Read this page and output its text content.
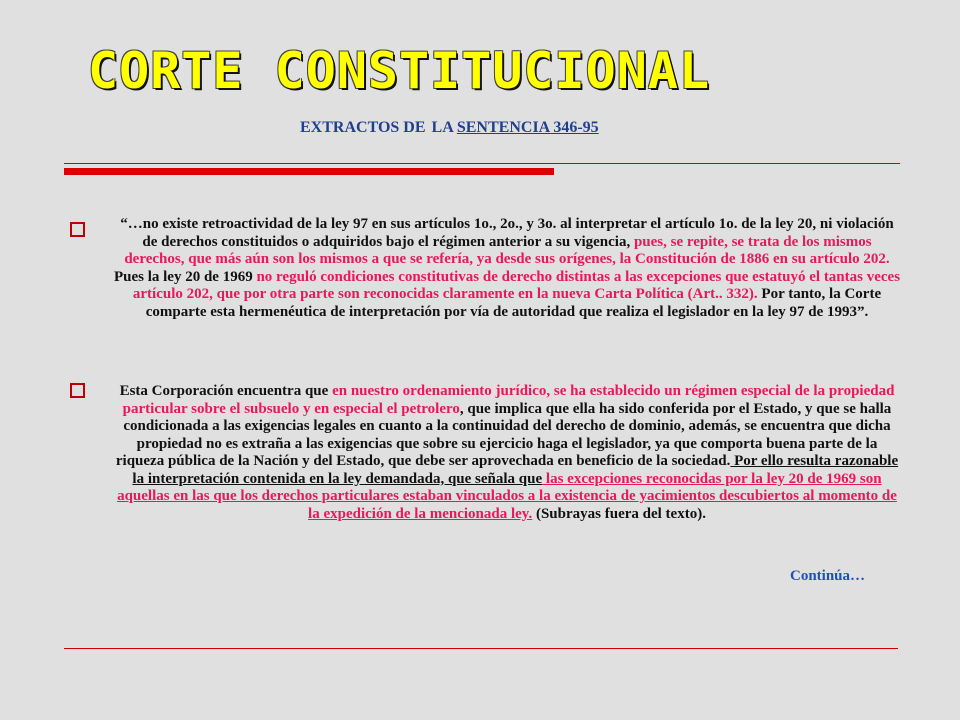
CORTE CONSTITUCIONAL
EXTRACTOS DE LA SENTENCIA 346-95

“…no existe retroactividad de la ley 97 en sus artículos 1o., 2o., y 3o. al interpretar el artículo 1o. de la ley 20, ni violación de derechos constituidos o adquiridos bajo el régimen anterior a su vigencia, pues, se repite, se trata de los mismos derechos, que más aún son los mismos a que se refería, ya desde sus orígenes, la Constitución de 1886 en su artículo 202. Pues la ley 20 de 1969 no reguló condiciones constitutivas de derecho distintas a las excepciones que estatuyó el tantas veces artículo 202, que por otra parte son reconocidas claramente en la nueva Carta Política (Art.. 332). Por tanto, la Corte comparte esta hermenéutica de interpretación por vía de autoridad que realiza el legislador en la ley 97 de 1993”.

Esta Corporación encuentra que en nuestro ordenamiento jurídico, se ha establecido un régimen especial de la propiedad particular sobre el subsuelo y en especial el petrolero, que implica que ella ha sido conferida por el Estado, y que se halla condicionada a las exigencias legales en cuanto a la continuidad del derecho de dominio, además, se encuentra que dicha propiedad no es extraña a las exigencias que sobre su ejercicio haga el legislador, ya que comporta buena parte de la riqueza pública de la Nación y del Estado, que debe ser aprovechada en beneficio de la sociedad. Por ello resulta razonable la interpretación contenida en la ley demandada, que señala que las excepciones reconocidas por la ley 20 de 1969 son aquellas en las que los derechos particulares estaban vinculados a la existencia de yacimientos descubiertos al momento de la expedición de la mencionada ley. (Subrayas fuera del texto).

Continúa…
